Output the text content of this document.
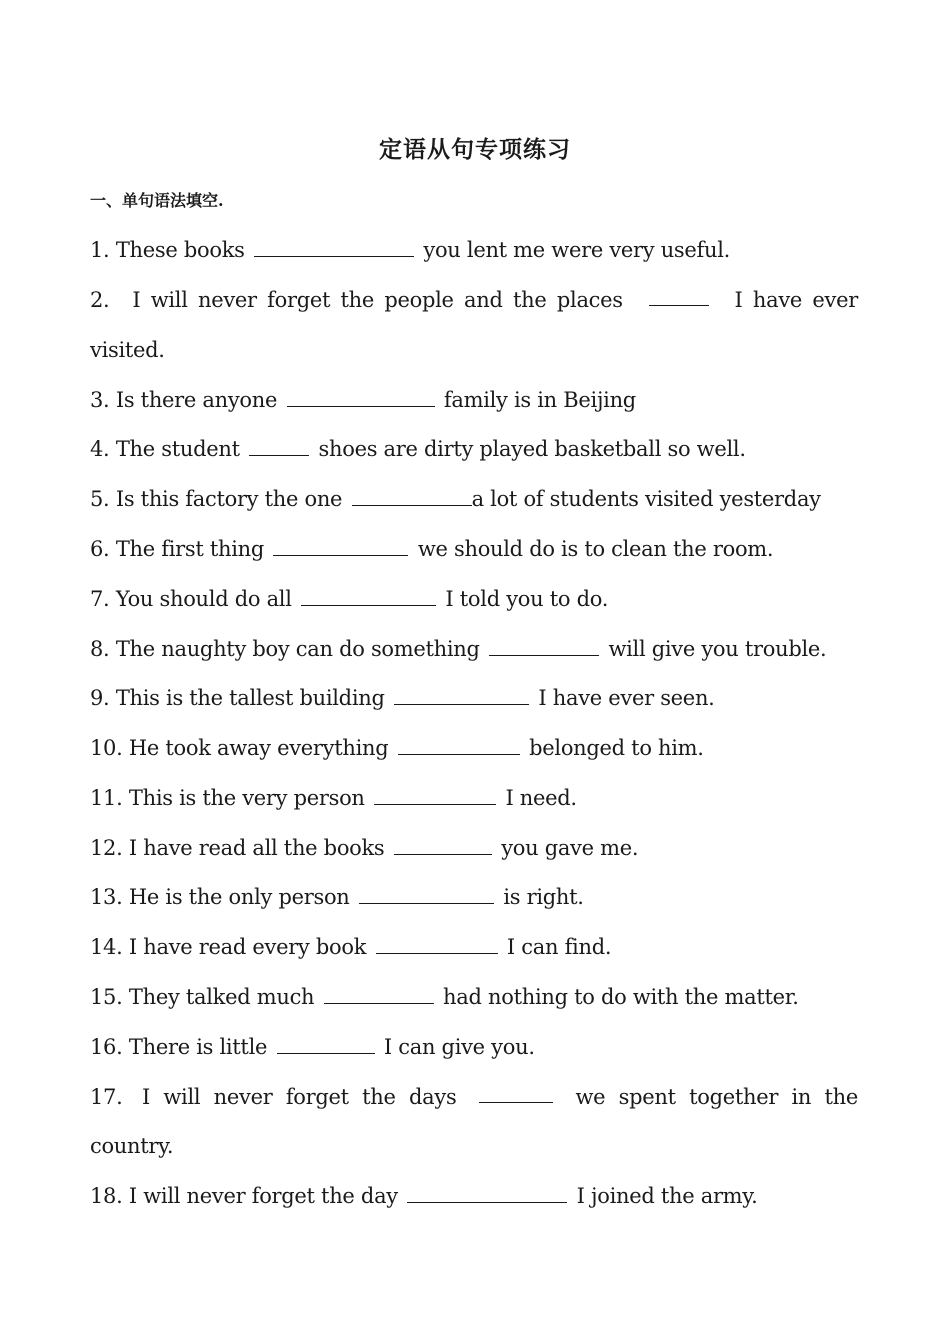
定语从句专项练习
一、单句语法填空.
1. These books	you lent me were very useful.
2. I will never forget the people and the places	I have ever
visited.
3. Is there anyone	family is in Beijing
4. The student	shoes are dirty played basketball so well.
5. Is this factory the one	a lot of students visited yesterday
6. The first thing	we should do is to clean the room.
7. You should do all	I told you to do.
8. The naughty boy can do something	will give you trouble.
9. This is the tallest building	I have ever seen.
10. He took away everything	belonged to him.
11. This is the very person	I need.
12. I have read all the books	you gave me.
13. He is the only person	is right.
14. I have read every book	I can find.
15. They talked much	had nothing to do with the matter.
16. There is little	I can give you.
17. I will never forget the days	we spent together in the
country.
18. I will never forget the day	I joined the army.
